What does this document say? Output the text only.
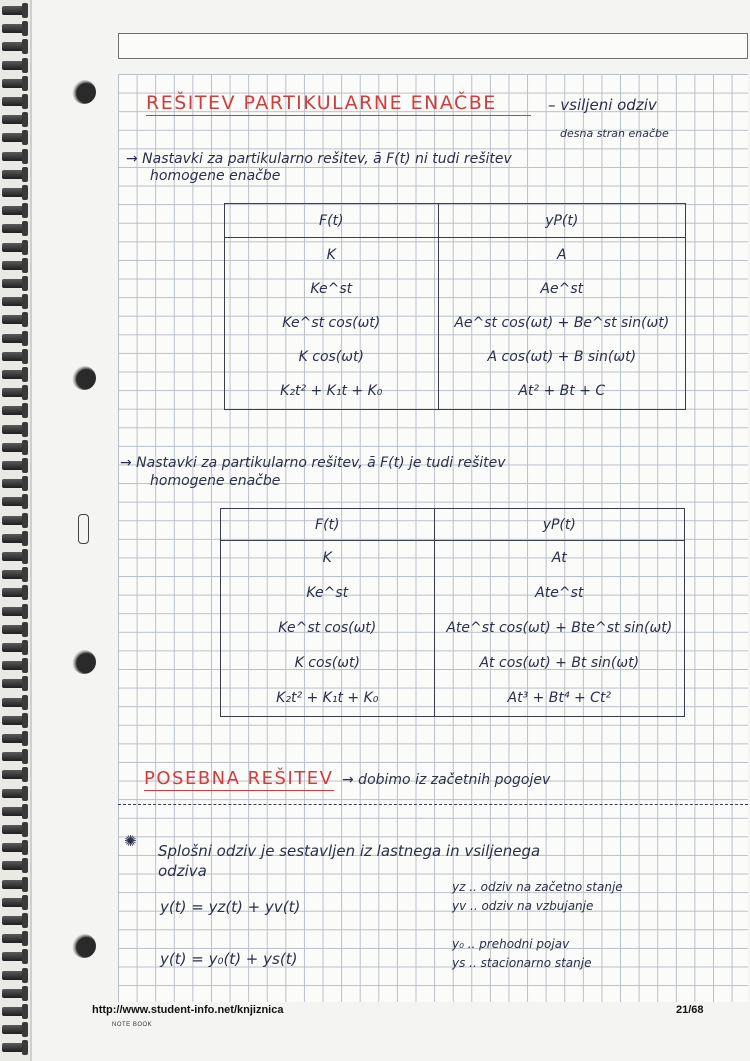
REŠITEV PARTIKULARNE ENAČBE	– vsiljeni odziv
desna stran enačbe
→ Nastavki za partikularno rešitev, ā F(t) ni tudi rešitev
homogene enačbe
F(t)	yP(t)
K	A
Ke^st	Ae^st
Ke^st cos(ωt)	Ae^st cos(ωt) + Be^st sin(ωt)
K cos(ωt)	A cos(ωt) + B sin(ωt)
K₂t² + K₁t + K₀	At² + Bt + C
→ Nastavki za partikularno rešitev, ā F(t) je tudi rešitev
homogene enačbe
F(t)	yP(t)
K	At
Ke^st	Ate^st
Ke^st cos(ωt)	Ate^st cos(ωt) + Bte^st sin(ωt)
K cos(ωt)	At cos(ωt) + Bt sin(ωt)
K₂t² + K₁t + K₀	At³ + Bt⁴ + Ct²
POSEBNA REŠITEV → dobimo iz začetnih pogojev
✺
Splošni odziv je sestavljen iz lastnega in vsiljenega
odziva
y(t) = yz(t) + yv(t)
y(t) = y₀(t) + ys(t)
yz .. odziv na začetno stanje
yv .. odziv na vzbujanje
y₀ .. prehodni pojav
ys .. stacionarno stanje
http://www.student-info.net/knjiznica	21/68
NOTE BOOK
